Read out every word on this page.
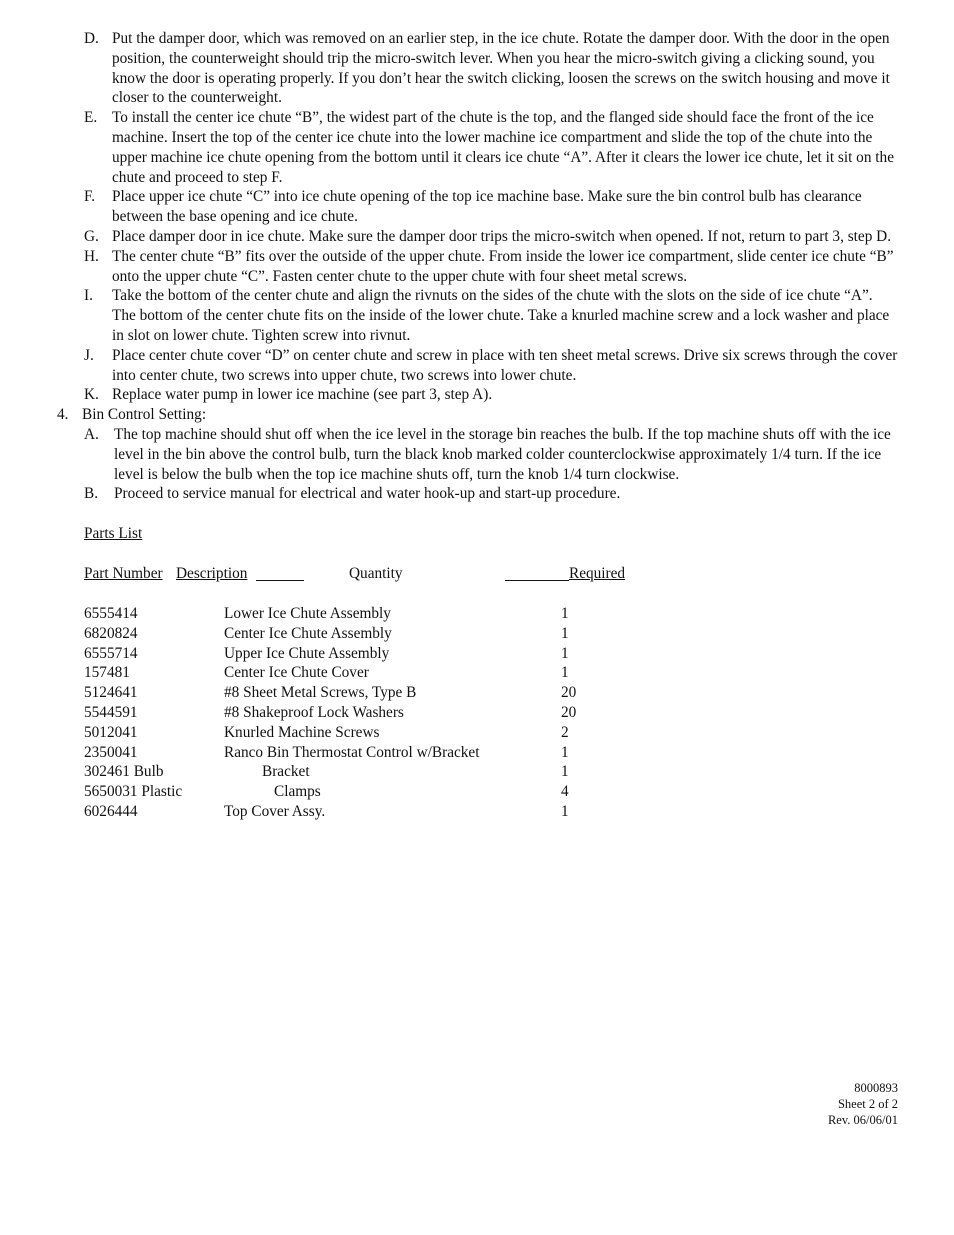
D. Put the damper door, which was removed on an earlier step, in the ice chute. Rotate the damper door. With the door in the open position, the counterweight should trip the micro-switch lever. When you hear the micro-switch giving a clicking sound, you know the door is operating properly. If you don’t hear the switch clicking, loosen the screws on the switch housing and move it closer to the counterweight.
E. To install the center ice chute “B”, the widest part of the chute is the top, and the flanged side should face the front of the ice machine. Insert the top of the center ice chute into the lower machine ice compartment and slide the top of the chute into the upper machine ice chute opening from the bottom until it clears ice chute “A”. After it clears the lower ice chute, let it sit on the chute and proceed to step F.
F. Place upper ice chute “C” into ice chute opening of the top ice machine base. Make sure the bin control bulb has clearance between the base opening and ice chute.
G. Place damper door in ice chute. Make sure the damper door trips the micro-switch when opened. If not, return to part 3, step D.
H. The center chute “B” fits over the outside of the upper chute. From inside the lower ice compartment, slide center ice chute “B” onto the upper chute “C”. Fasten center chute to the upper chute with four sheet metal screws.
I. Take the bottom of the center chute and align the rivnuts on the sides of the chute with the slots on the side of ice chute “A”. The bottom of the center chute fits on the inside of the lower chute. Take a knurled machine screw and a lock washer and place in slot on lower chute. Tighten screw into rivnut.
J. Place center chute cover “D” on center chute and screw in place with ten sheet metal screws. Drive six screws through the cover into center chute, two screws into upper chute, two screws into lower chute.
K. Replace water pump in lower ice machine (see part 3, step A).
4. Bin Control Setting:
A. The top machine should shut off when the ice level in the storage bin reaches the bulb. If the top machine shuts off with the ice level in the bin above the control bulb, turn the black knob marked colder counterclockwise approximately 1/4 turn. If the ice level is below the bulb when the top ice machine shuts off, turn the knob 1/4 turn clockwise.
B. Proceed to service manual for electrical and water hook-up and start-up procedure.
Parts List
Part Number Description	Quantity	Required
6555414	Lower Ice Chute Assembly	1
6820824	Center Ice Chute Assembly	1
6555714	Upper Ice Chute Assembly	1
157481	Center Ice Chute Cover	1
5124641	#8 Sheet Metal Screws, Type B	20
5544591	#8 Shakeproof Lock Washers	20
5012041	Knurled Machine Screws	2
2350041	Ranco Bin Thermostat Control w/Bracket	1
302461 Bulb	Bracket	1
5650031 Plastic	Clamps	4
6026444	Top Cover Assy.	1
8000893
Sheet 2 of 2
Rev. 06/06/01
